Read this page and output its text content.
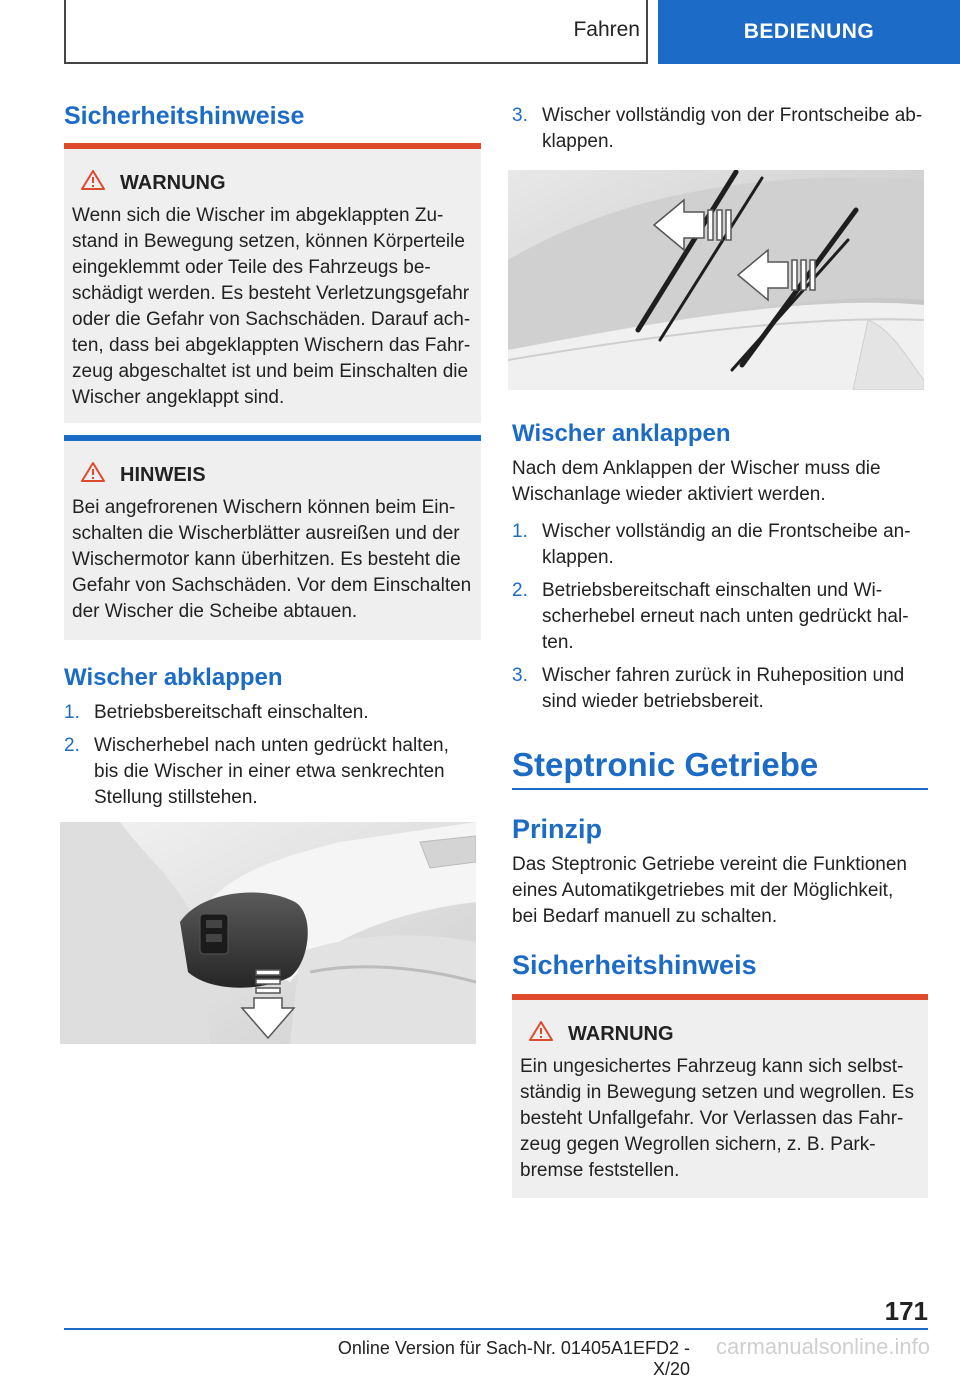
Fahren	BEDIENUNG
Sicherheitshinweise
WARNUNG
Wenn sich die Wischer im abgeklappten Zu-
stand in Bewegung setzen, können Körperteile
eingeklemmt oder Teile des Fahrzeugs be-
schädigt werden. Es besteht Verletzungsgefahr
oder die Gefahr von Sachschäden. Darauf ach-
ten, dass bei abgeklappten Wischern das Fahr-
zeug abgeschaltet ist und beim Einschalten die
Wischer angeklappt sind.
HINWEIS
Bei angefrorenen Wischern können beim Ein-
schalten die Wischerblätter ausreißen und der
Wischermotor kann überhitzen. Es besteht die
Gefahr von Sachschäden. Vor dem Einschalten
der Wischer die Scheibe abtauen.
Wischer abklappen
1. Betriebsbereitschaft einschalten.
2. Wischerhebel nach unten gedrückt halten,
bis die Wischer in einer etwa senkrechten
Stellung stillstehen.
3. Wischer vollständig von der Frontscheibe ab-
klappen.
Wischer anklappen
Nach dem Anklappen der Wischer muss die
Wischanlage wieder aktiviert werden.
1. Wischer vollständig an die Frontscheibe an-
klappen.
2. Betriebsbereitschaft einschalten und Wi-
scherhebel erneut nach unten gedrückt hal-
ten.
3. Wischer fahren zurück in Ruheposition und
sind wieder betriebsbereit.
Steptronic Getriebe
Prinzip
Das Steptronic Getriebe vereint die Funktionen
eines Automatikgetriebes mit der Möglichkeit,
bei Bedarf manuell zu schalten.
Sicherheitshinweis
WARNUNG
Ein ungesichertes Fahrzeug kann sich selbst-
ständig in Bewegung setzen und wegrollen. Es
besteht Unfallgefahr. Vor Verlassen das Fahr-
zeug gegen Wegrollen sichern, z. B. Park-
bremse feststellen.
171
carmanualsonline.info
Online Version für Sach-Nr. 01405A1EFD2 - X/20
